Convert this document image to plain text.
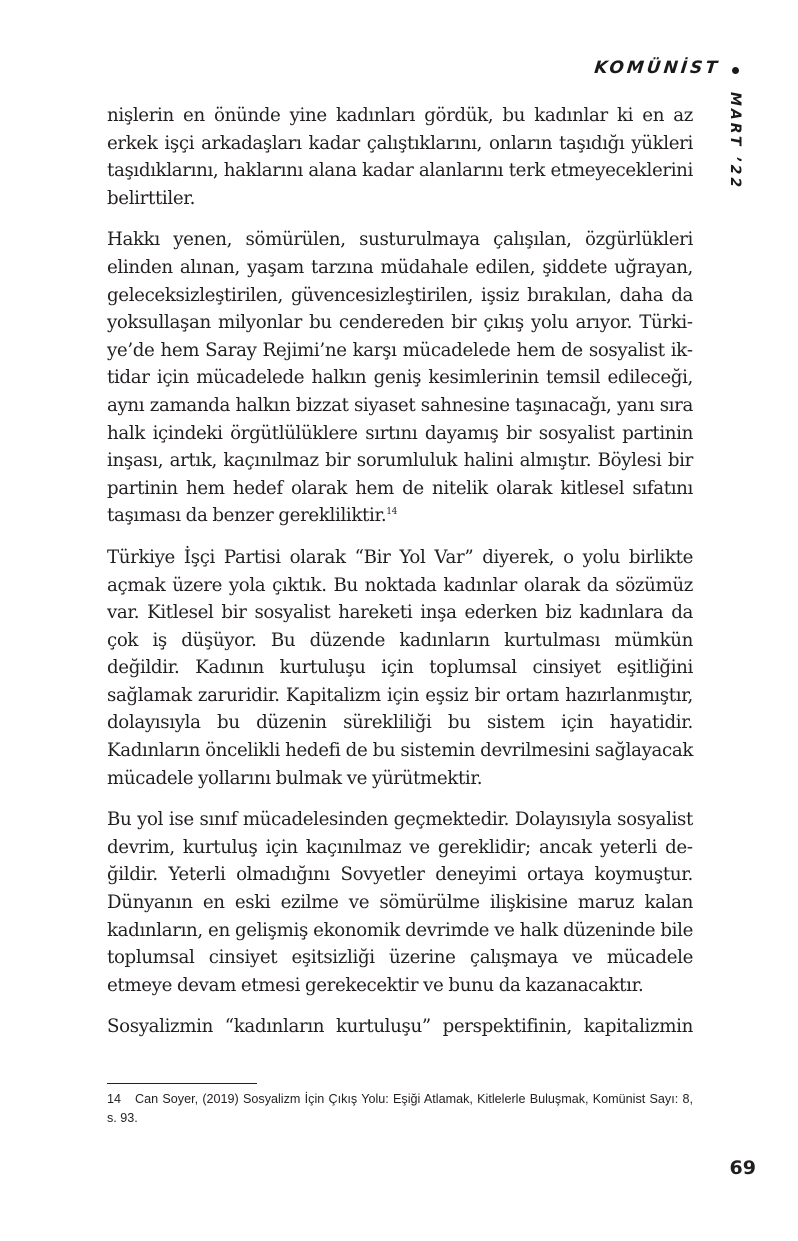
KOMÜNİST
MART ’22

nişlerin en önünde yine kadınları gördük, bu kadınlar ki en az erkek işçi arkadaşları kadar çalıştıklarını, onların taşıdığı yükleri taşıdıklarını, haklarını alana kadar alanlarını terk etmeyeceklerini belirttiler.

Hakkı yenen, sömürülen, susturulmaya çalışılan, özgürlükleri elinden alınan, yaşam tarzına müdahale edilen, şiddete uğrayan, geleceksizleştirilen, güvencesizleştirilen, işsiz bırakılan, daha da yoksullaşan milyonlar bu cendereden bir çıkış yolu arıyor. Türkiye’de hem Saray Rejimi’ne karşı mücadelede hem de sosyalist iktidar için mücadelede halkın geniş kesimlerinin temsil edileceği, aynı zamanda halkın bizzat siyaset sahnesine taşınacağı, yanı sıra halk içindeki örgütlülüklere sırtını dayamış bir sosyalist partinin inşası, artık, kaçınılmaz bir sorumluluk halini almıştır. Böylesi bir partinin hem hedef olarak hem de nitelik olarak kitlesel sıfatını taşıması da benzer gerekliliktir.$^{14}$

Türkiye İşçi Partisi olarak “Bir Yol Var” diyerek, o yolu birlikte açmak üzere yola çıktık. Bu noktada kadınlar olarak da sözümüz var. Kitlesel bir sosyalist hareketi inşa ederken biz kadınlara da çok iş düşüyor. Bu düzende kadınların kurtulması mümkün değildir. Kadının kurtuluşu için toplumsal cinsiyet eşitliğini sağlamak zaruridir. Kapitalizm için eşsiz bir ortam hazırlanmıştır, dolayısıyla bu düzenin sürekliliği bu sistem için hayatidir. Kadınların öncelikli hedefi de bu sistemin devrilmesini sağlayacak mücadele yollarını bulmak ve yürütmektir.

Bu yol ise sınıf mücadelesinden geçmektedir. Dolayısıyla sosyalist devrim, kurtuluş için kaçınılmaz ve gereklidir; ancak yeterli değildir. Yeterli olmadığını Sovyetler deneyimi ortaya koymuştur. Dünyanın en eski ezilme ve sömürülme ilişkisine maruz kalan kadınların, en gelişmiş ekonomik devrimde ve halk düzeninde bile toplumsal cinsiyet eşitsizliği üzerine çalışmaya ve mücadele etmeye devam etmesi gerekecektir ve bunu da kazanacaktır.

Sosyalizmin “kadınların kurtuluşu” perspektifinin, kapitalizmin

14 Can Soyer, (2019) Sosyalizm İçin Çıkış Yolu: Eşiği Atlamak, Kitlelerle Buluşmak, Komünist Sayı: 8, s. 93.
69
